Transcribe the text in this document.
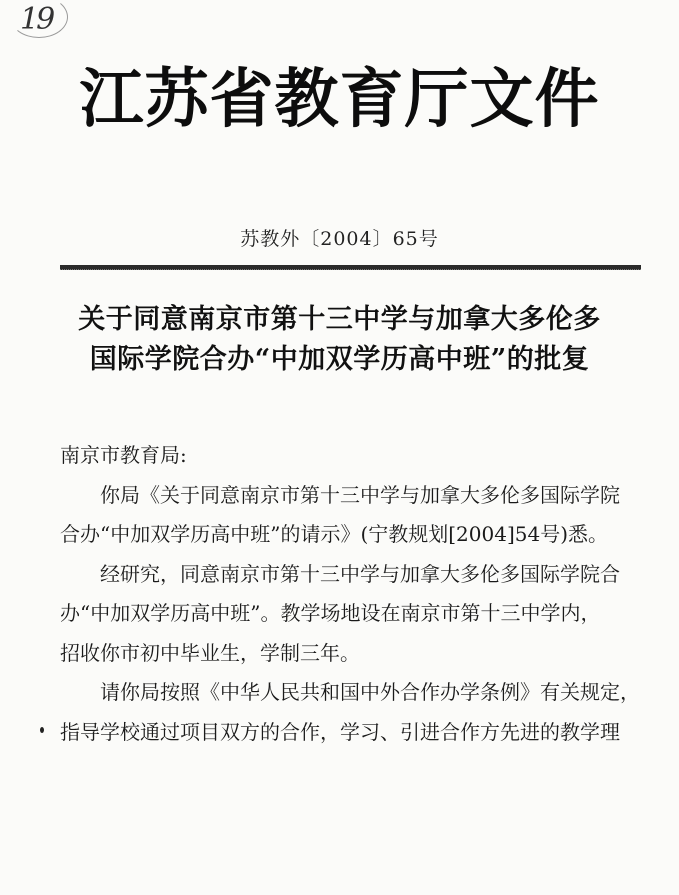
19
江苏省教育厅文件
苏教外〔2004〕65号
关于同意南京市第十三中学与加拿大多伦多
国际学院合办“中加双学历高中班”的批复

南京市教育局:

你局《关于同意南京市第十三中学与加拿大多伦多国际学院

合办“中加双学历高中班”的请示》(宁教规划[2004]54号)悉。

经研究，同意南京市第十三中学与加拿大多伦多国际学院合

办“中加双学历高中班”。教学场地设在南京市第十三中学内，

招收你市初中毕业生，学制三年。

请你局按照《中华人民共和国中外合作办学条例》有关规定，

指导学校通过项目双方的合作，学习、引进合作方先进的教学理
